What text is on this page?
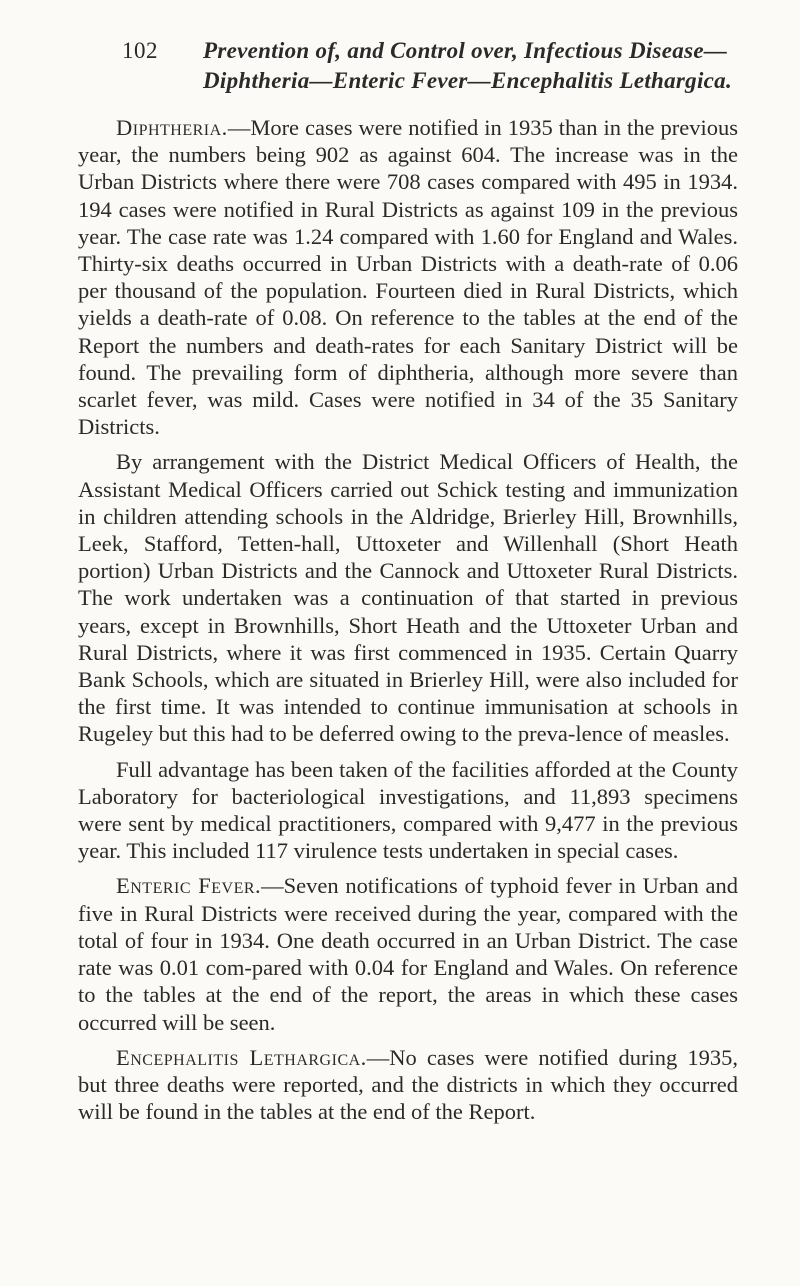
102 Prevention of, and Control over, Infectious Disease—
Diphtheria—Enteric Fever—Encephalitis Lethargica.

Diphtheria.—More cases were notified in 1935 than in the previous year, the numbers being 902 as against 604. The increase was in the Urban Districts where there were 708 cases compared with 495 in 1934. 194 cases were notified in Rural Districts as against 109 in the previous year. The case rate was 1.24 compared with 1.60 for England and Wales. Thirty-six deaths occurred in Urban Districts with a death-rate of 0.06 per thousand of the population. Fourteen died in Rural Districts, which yields a death-rate of 0.08. On reference to the tables at the end of the Report the numbers and death-rates for each Sanitary District will be found. The prevailing form of diphtheria, although more severe than scarlet fever, was mild. Cases were notified in 34 of the 35 Sanitary Districts.

By arrangement with the District Medical Officers of Health, the Assistant Medical Officers carried out Schick testing and immunization in children attending schools in the Aldridge, Brierley Hill, Brownhills, Leek, Stafford, Tetten-hall, Uttoxeter and Willenhall (Short Heath portion) Urban Districts and the Cannock and Uttoxeter Rural Districts. The work undertaken was a continuation of that started in previous years, except in Brownhills, Short Heath and the Uttoxeter Urban and Rural Districts, where it was first commenced in 1935. Certain Quarry Bank Schools, which are situated in Brierley Hill, were also included for the first time. It was intended to continue immunisation at schools in Rugeley but this had to be deferred owing to the preva-lence of measles.

Full advantage has been taken of the facilities afforded at the County Laboratory for bacteriological investigations, and 11,893 specimens were sent by medical practitioners, compared with 9,477 in the previous year. This included 117 virulence tests undertaken in special cases.

Enteric Fever.—Seven notifications of typhoid fever in Urban and five in Rural Districts were received during the year, compared with the total of four in 1934. One death occurred in an Urban District. The case rate was 0.01 com-pared with 0.04 for England and Wales. On reference to the tables at the end of the report, the areas in which these cases occurred will be seen.

Encephalitis Lethargica.—No cases were notified during 1935, but three deaths were reported, and the districts in which they occurred will be found in the tables at the end of the Report.
